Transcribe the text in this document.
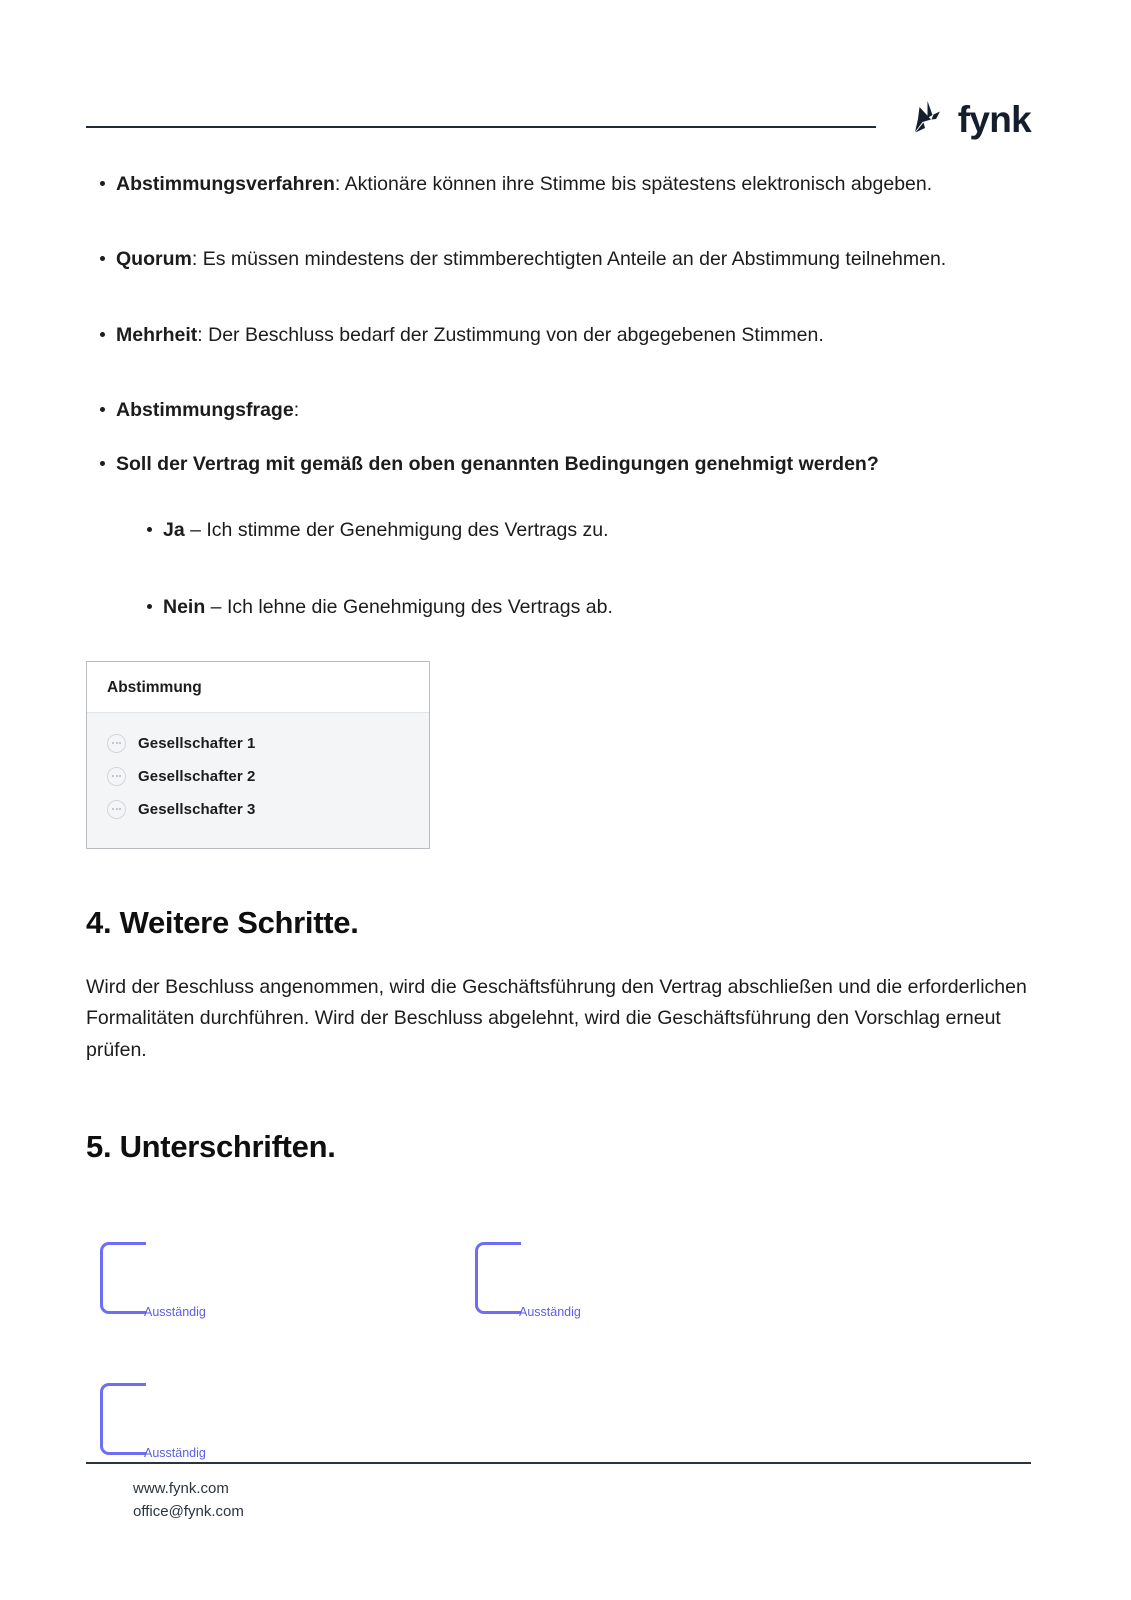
fynk
Abstimmungsverfahren: Aktionäre können ihre Stimme bis spätestens elektronisch abgeben.
Quorum: Es müssen mindestens der stimmberechtigten Anteile an der Abstimmung teilnehmen.
Mehrheit: Der Beschluss bedarf der Zustimmung von der abgegebenen Stimmen.
Abstimmungsfrage:
Soll der Vertrag mit gemäß den oben genannten Bedingungen genehmigt werden?
Ja – Ich stimme der Genehmigung des Vertrags zu.
Nein – Ich lehne die Genehmigung des Vertrags ab.
Abstimmung
Gesellschafter 1
Gesellschafter 2
Gesellschafter 3
4. Weitere Schritte.

Wird der Beschluss angenommen, wird die Geschäftsführung den Vertrag abschließen und die erforderlichen Formalitäten durchführen. Wird der Beschluss abgelehnt, wird die Geschäftsführung den Vorschlag erneut prüfen.

5. Unterschriften.
Ausständig	Ausständig
Ausständig
www.fynk.com
office@fynk.com
